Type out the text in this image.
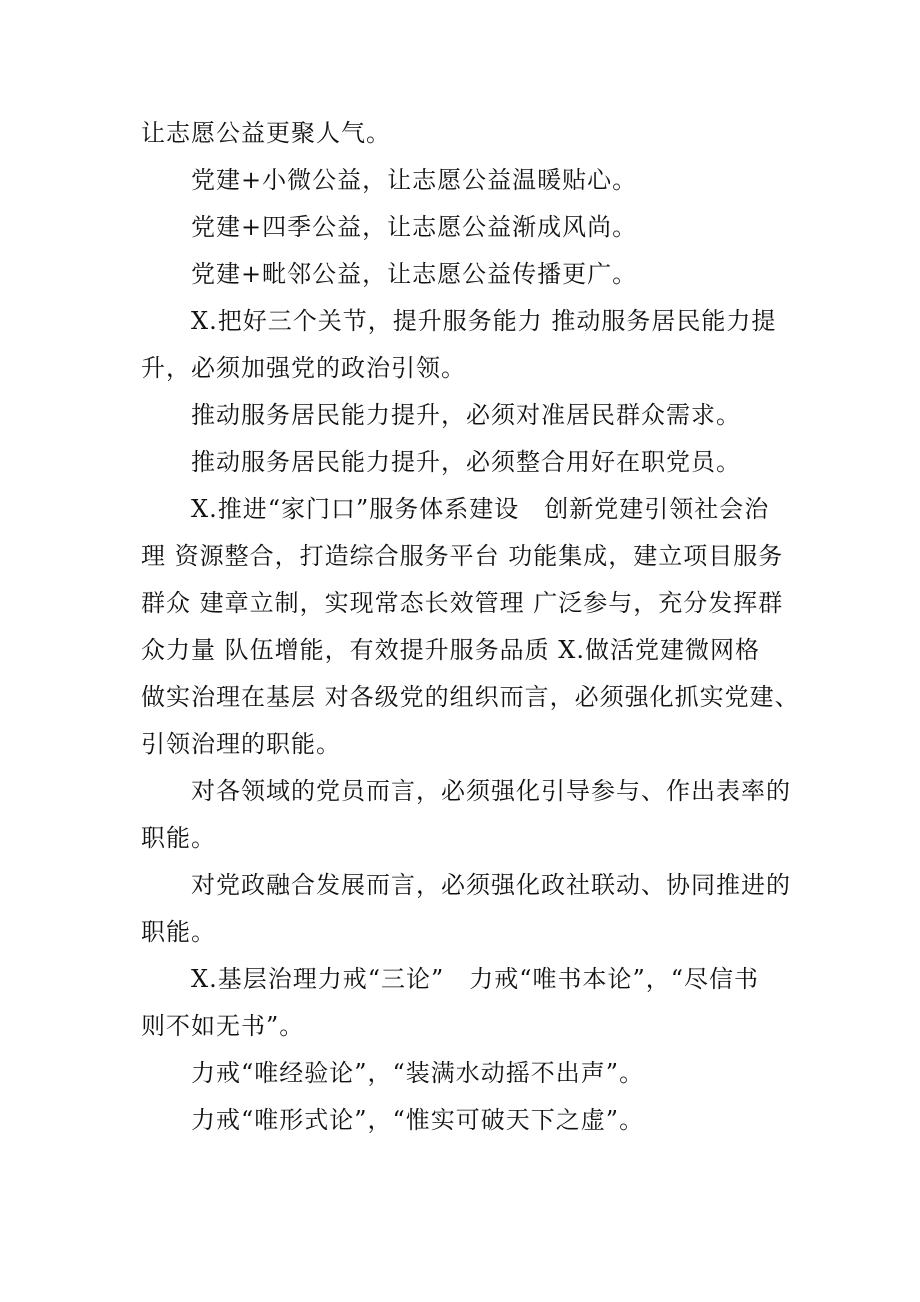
让志愿公益更聚人气。
党建+小微公益，让志愿公益温暖贴心。
党建+四季公益，让志愿公益渐成风尚。
党建+毗邻公益，让志愿公益传播更广。
X.把好三个关节，提升服务能力 推动服务居民能力提
升，必须加强党的政治引领。
推动服务居民能力提升，必须对准居民群众需求。
推动服务居民能力提升，必须整合用好在职党员。
X.推进“家门口”服务体系建设　创新党建引领社会治
理 资源整合，打造综合服务平台 功能集成，建立项目服务
群众 建章立制，实现常态长效管理 广泛参与，充分发挥群
众力量 队伍增能，有效提升服务品质 X.做活党建微网格
做实治理在基层 对各级党的组织而言，必须强化抓实党建、
引领治理的职能。
对各领域的党员而言，必须强化引导参与、作出表率的
职能。
对党政融合发展而言，必须强化政社联动、协同推进的
职能。
X.基层治理力戒“三论”　力戒“唯书本论”，“尽信书
则不如无书”。
力戒“唯经验论”，“装满水动摇不出声”。
力戒“唯形式论”，“惟实可破天下之虚”。
